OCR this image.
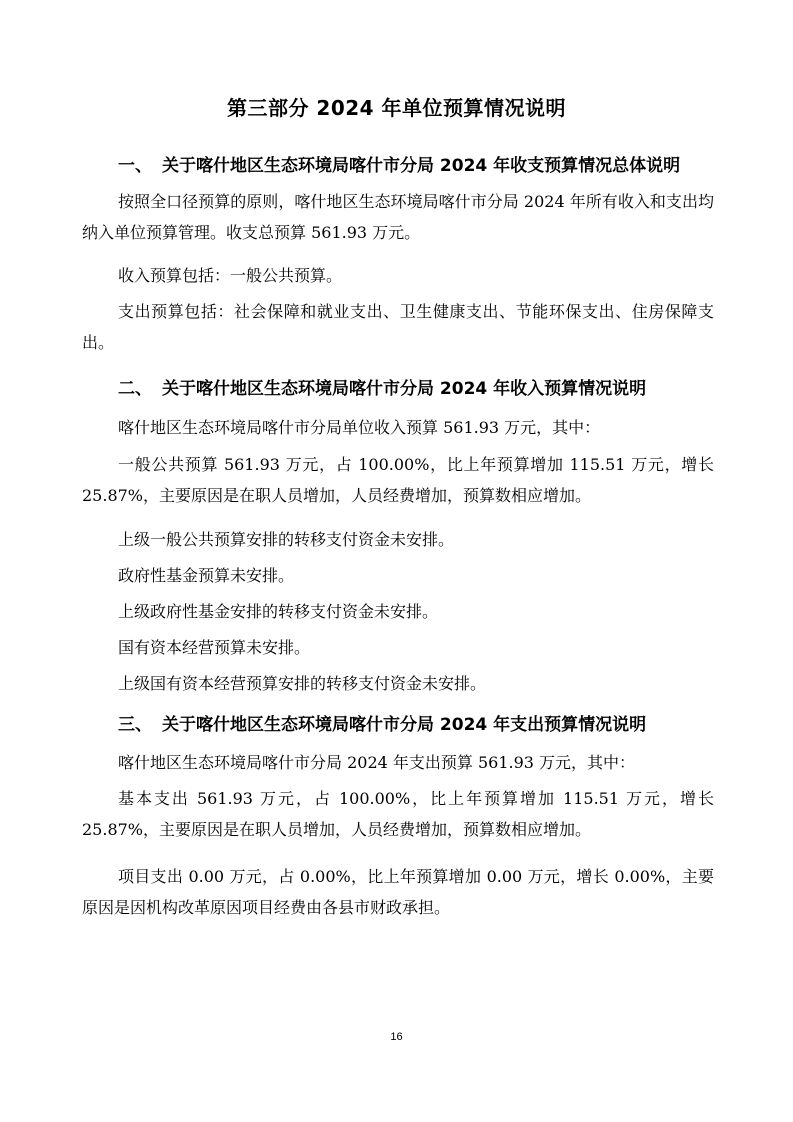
第三部分 2024 年单位预算情况说明
一、 关于喀什地区生态环境局喀什市分局 2024 年收支预算情况总体说明
按照全口径预算的原则，喀什地区生态环境局喀什市分局 2024 年所有收入和支出均纳入单位预算管理。收支总预算 561.93 万元。
收入预算包括：一般公共预算。
支出预算包括：社会保障和就业支出、卫生健康支出、节能环保支出、住房保障支出。
二、 关于喀什地区生态环境局喀什市分局 2024 年收入预算情况说明
喀什地区生态环境局喀什市分局单位收入预算 561.93 万元，其中：
一般公共预算 561.93 万元，占 100.00%，比上年预算增加 115.51 万元，增长 25.87%，主要原因是在职人员增加，人员经费增加，预算数相应增加。
上级一般公共预算安排的转移支付资金未安排。
政府性基金预算未安排。
上级政府性基金安排的转移支付资金未安排。
国有资本经营预算未安排。
上级国有资本经营预算安排的转移支付资金未安排。
三、 关于喀什地区生态环境局喀什市分局 2024 年支出预算情况说明
喀什地区生态环境局喀什市分局 2024 年支出预算 561.93 万元，其中：
基本支出 561.93 万元，占 100.00%，比上年预算增加 115.51 万元，增长 25.87%，主要原因是在职人员增加，人员经费增加，预算数相应增加。
项目支出 0.00 万元，占 0.00%，比上年预算增加 0.00 万元，增长 0.00%，主要原因是因机构改革原因项目经费由各县市财政承担。
16
